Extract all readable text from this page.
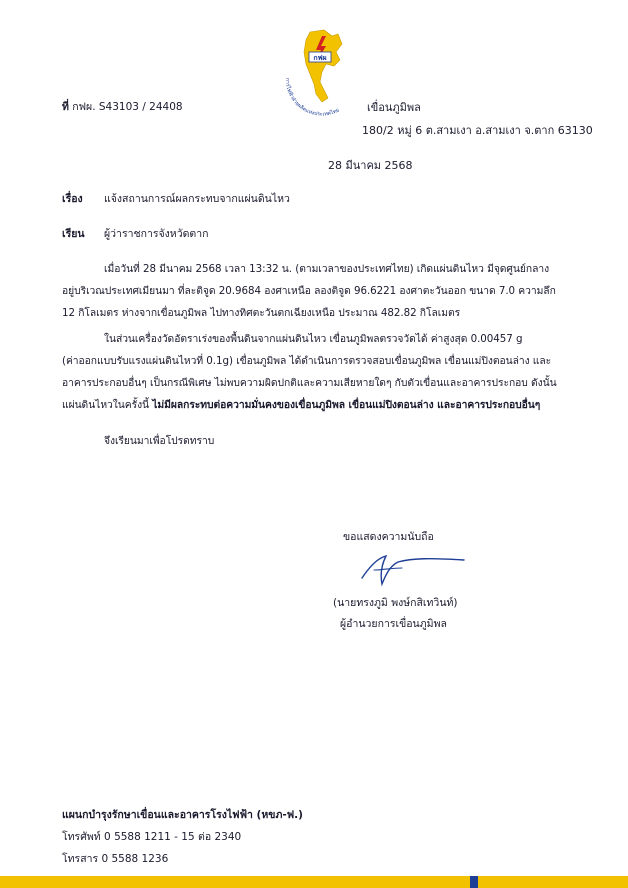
กฟผ
การไฟฟ้าฝ่ายผลิตแห่งประเทศไทย
ที่ กฟผ. S43103 / 24408	เขื่อนภูมิพล
180/2 หมู่ 6 ต.สามเงา อ.สามเงา จ.ตาก 63130
28 มีนาคม 2568
เรื่อง แจ้งสถานการณ์ผลกระทบจากแผ่นดินไหว
เรียน ผู้ว่าราชการจังหวัดตาก
เมื่อวันที่ 28 มีนาคม 2568 เวลา 13:32 น. (ตามเวลาของประเทศไทย) เกิดแผ่นดินไหว มีจุดศูนย์กลาง
อยู่บริเวณประเทศเมียนมา ที่ละติจูด 20.9684 องศาเหนือ ลองติจูด 96.6221 องศาตะวันออก ขนาด 7.0 ความลึก
12 กิโลเมตร ห่างจากเขื่อนภูมิพล ไปทางทิศตะวันตกเฉียงเหนือ ประมาณ 482.82 กิโลเมตร
ในส่วนเครื่องวัดอัตราเร่งของพื้นดินจากแผ่นดินไหว เขื่อนภูมิพลตรวจวัดได้ ค่าสูงสุด 0.00457 g
(ค่าออกแบบรับแรงแผ่นดินไหวที่ 0.1g) เขื่อนภูมิพล ได้ดำเนินการตรวจสอบเขื่อนภูมิพล เขื่อนแม่ปิงตอนล่าง และ
อาคารประกอบอื่นๆ เป็นกรณีพิเศษ ไม่พบความผิดปกติและความเสียหายใดๆ กับตัวเขื่อนและอาคารประกอบ ดังนั้น
แผ่นดินไหวในครั้งนี้ ไม่มีผลกระทบต่อความมั่นคงของเขื่อนภูมิพล เขื่อนแม่ปิงตอนล่าง และอาคารประกอบอื่นๆ
จึงเรียนมาเพื่อโปรดทราบ
ขอแสดงความนับถือ
(นายทรงภูมิ พงษ์กสิเทวินท์)
ผู้อำนวยการเขื่อนภูมิพล
แผนกบำรุงรักษาเขื่อนและอาคารโรงไฟฟ้า (หขภ-ฟ.)
โทรศัพท์ 0 5588 1211 - 15 ต่อ 2340
โทรสาร 0 5588 1236
